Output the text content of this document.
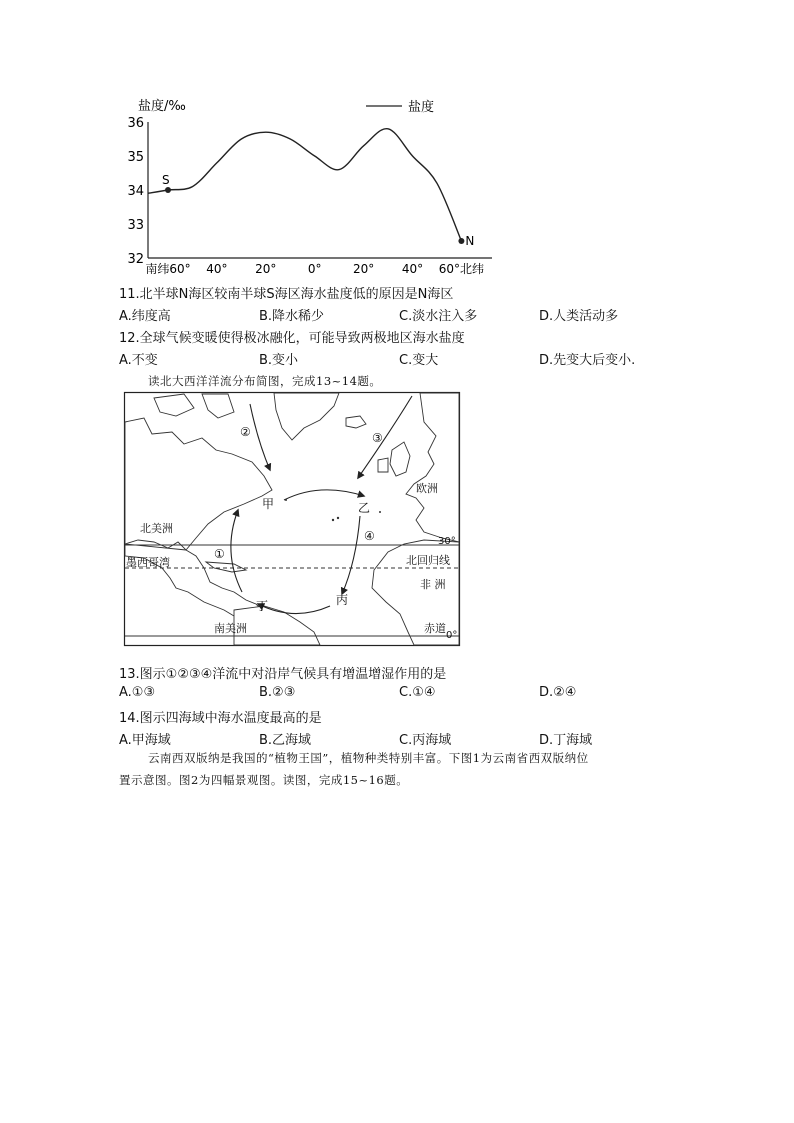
盐度/‰	盐度
36
35
34
33
32
南纬60° 40° 20°	0°	20° 40° 60°北纬
S
N
11.北半球N海区较南半球S海区海水盐度低的原因是N海区
A.纬度高	B.降水稀少	C.淡水注入多	D.人类活动多
12.全球气候变暖使得极冰融化，可能导致两极地区海水盐度
A.不变	B.变小	C.变大	D.先变大后变小.
读北大西洋洋流分布简图，完成13~14题。
北美洲
欧洲
墨西哥湾	北回归线
非 洲
南美洲	赤道
30°
0°
甲	乙
丙
丁
①
②	③
④
13.图示①②③④洋流中对沿岸气候具有增温增湿作用的是
A.①③	B.②③	C.①④	D.②④
14.图示四海域中海水温度最高的是
A.甲海域	B.乙海域	C.丙海域	D.丁海域
云南西双版纳是我国的“植物王国”，植物种类特别丰富。下图1为云南省西双版纳位
置示意图。图2为四幅景观图。读图，完成15~16题。
